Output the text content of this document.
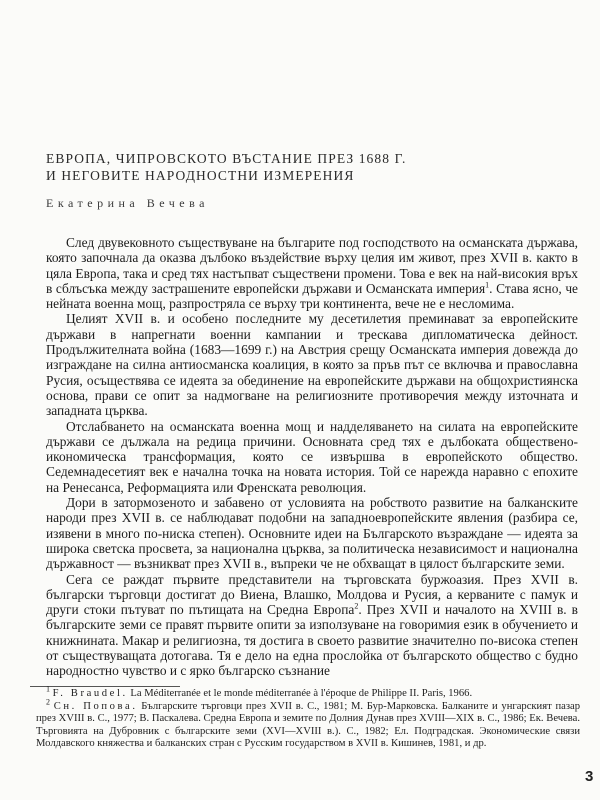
ЕВРОПА, ЧИПРОВСКОТО ВЪСТАНИЕ ПРЕЗ 1688 Г.
И НЕГОВИТЕ НАРОДНОСТНИ ИЗМЕРЕНИЯ
Екатерина Вечева

След двувековното съществуване на българите под господството на османската държава, която започнала да оказва дълбоко въздействие върху целия им живот, през XVII в. както в цяла Европа, така и сред тях настъпват съществени промени. Това е век на най-високия връх в сблъсъка между застрашените европейски държави и Османската империя$^1$. Става ясно, че нейната военна мощ, разпростряла се върху три континента, вече не е несломима.

Целият XVII в. и особено последните му десетилетия преминават за европейските държави в напрегнати военни кампании и трескава дипломатическа дейност. Продължителната война (1683—1699 г.) на Австрия срещу Османската империя довежда до изграждане на силна антиосманска коалиция, в която за пръв път се включва и православна Русия, осъществява се идеята за обединение на европейските държави на общохристиянска основа, прави се опит за надмогване на религиозните противоречия между източната и западната църква.

Отслабването на османската военна мощ и надделяването на силата на европейските държави се дължала на редица причини. Основната сред тях е дълбоката обществено-икономическа трансформация, която се извършва в европейското общество. Седемнадесетият век е начална точка на новата история. Той се нарежда наравно с епохите на Ренесанса, Реформацията или Френската революция.

Дори в затормозеното и забавено от условията на робството развитие на балканските народи през XVII в. се наблюдават подобни на западноевропейските явления (разбира се, изявени в много по-ниска степен). Основните идеи на Българското възраждане — идеята за широка светска просвета, за национална църква, за политическа независимост и национална държавност — възникват през XVII в., въпреки че не обхващат в цялост българските земи.

Сега се раждат първите представители на търговската буржоазия. През XVII в. български търговци достигат до Виена, Влашко, Молдова и Русия, а керваните с памук и други стоки пътуват по пътищата на Средна Европа$^2$. През XVII и началото на XVIII в. в българските земи се правят първите опити за използуване на говоримия език в обучението и книжнината. Макар и религиозна, тя достига в своето развитие значително по-висока степен от съществуващата дотогава. Тя е дело на една прослойка от българското общество с будно народностно чувство и с ярко българско съзнание

$^1$ F. Braudel. La Méditerranée et le monde méditerranée à l'époque de Philippe II. Paris, 1966.

$^2$ Сн. Попова. Българските търговци през XVII в. С., 1981; М. Бур-Марковска. Балканите и унгарският пазар през XVIII в. С., 1977; В. Паскалева. Средна Европа и земите по Долния Дунав през XVIII—XIX в. С., 1986; Ек. Вечева. Търговията на Дубровник с българските земи (XVI—XVIII в.). С., 1982; Ел. Подградская. Экономические связи Молдавского княжества и балканских стран с Русским государством в XVII в. Кишинев, 1981, и др.

3
